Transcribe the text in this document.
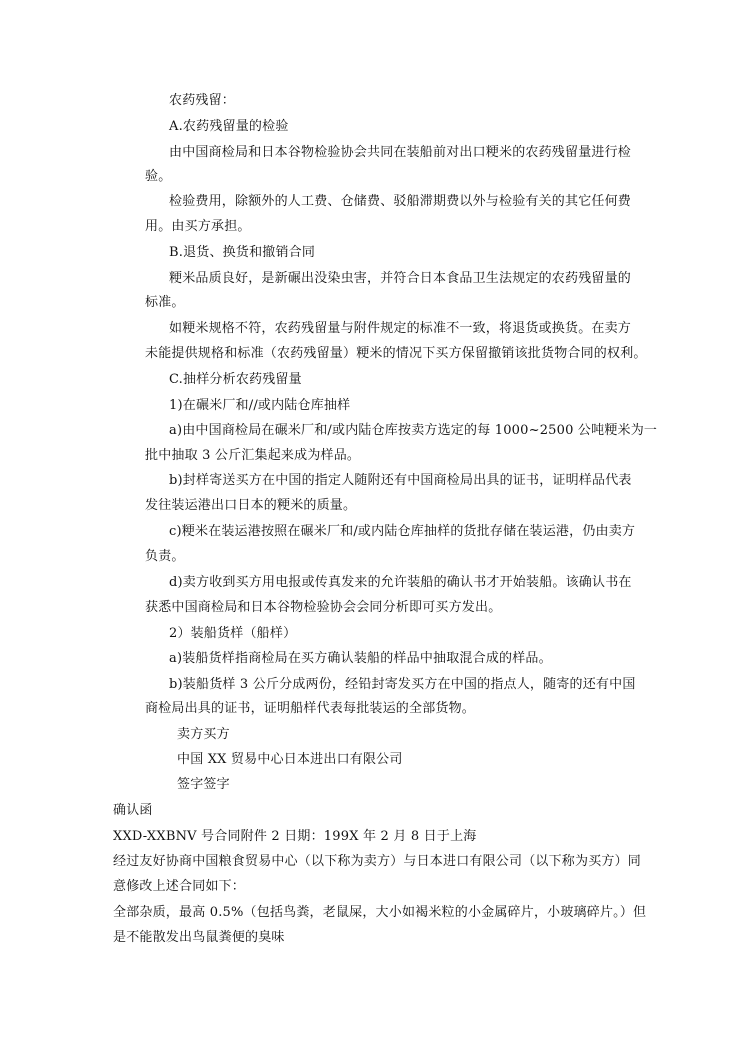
农药残留：
A.农药残留量的检验
由中国商检局和日本谷物检验协会共同在装船前对出口粳米的农药残留量进行检
验。
检验费用，除额外的人工费、仓储费、驳船滞期费以外与检验有关的其它任何费
用。由买方承担。
B.退货、换货和撤销合同
粳米品质良好，是新碾出没染虫害，并符合日本食品卫生法规定的农药残留量的
标准。
如粳米规格不符，农药残留量与附件规定的标准不一致，将退货或换货。在卖方
未能提供规格和标准（农药残留量）粳米的情况下买方保留撤销该批货物合同的权利。
C.抽样分析农药残留量
1)在碾米厂和//或内陆仓库抽样
a)由中国商检局在碾米厂和/或内陆仓库按卖方选定的每 1000~2500 公吨粳米为一
批中抽取 3 公斤汇集起来成为样品。
b)封样寄送买方在中国的指定人随附还有中国商检局出具的证书，证明样品代表
发往装运港出口日本的粳米的质量。
c)粳米在装运港按照在碾米厂和/或内陆仓库抽样的货批存储在装运港，仍由卖方
负责。
d)卖方收到买方用电报或传真发来的允许装船的确认书才开始装船。该确认书在
获悉中国商检局和日本谷物检验协会会同分析即可买方发出。
2）装船货样（船样）
a)装船货样指商检局在买方确认装船的样品中抽取混合成的样品。
b)装船货样 3 公斤分成两份，经铅封寄发买方在中国的指点人，随寄的还有中国
商检局出具的证书，证明船样代表每批装运的全部货物。
卖方买方
中国 XX 贸易中心日本进出口有限公司
签字签字
确认函
XXD-XXBNV 号合同附件 2 日期：199X 年 2 月 8 日于上海
经过友好协商中国粮食贸易中心（以下称为卖方）与日本进口有限公司（以下称为买方）同
意修改上述合同如下：
全部杂质，最高 0.5%（包括鸟粪，老鼠屎，大小如褐米粒的小金属碎片，小玻璃碎片。）但
是不能散发出鸟鼠粪便的臭味
